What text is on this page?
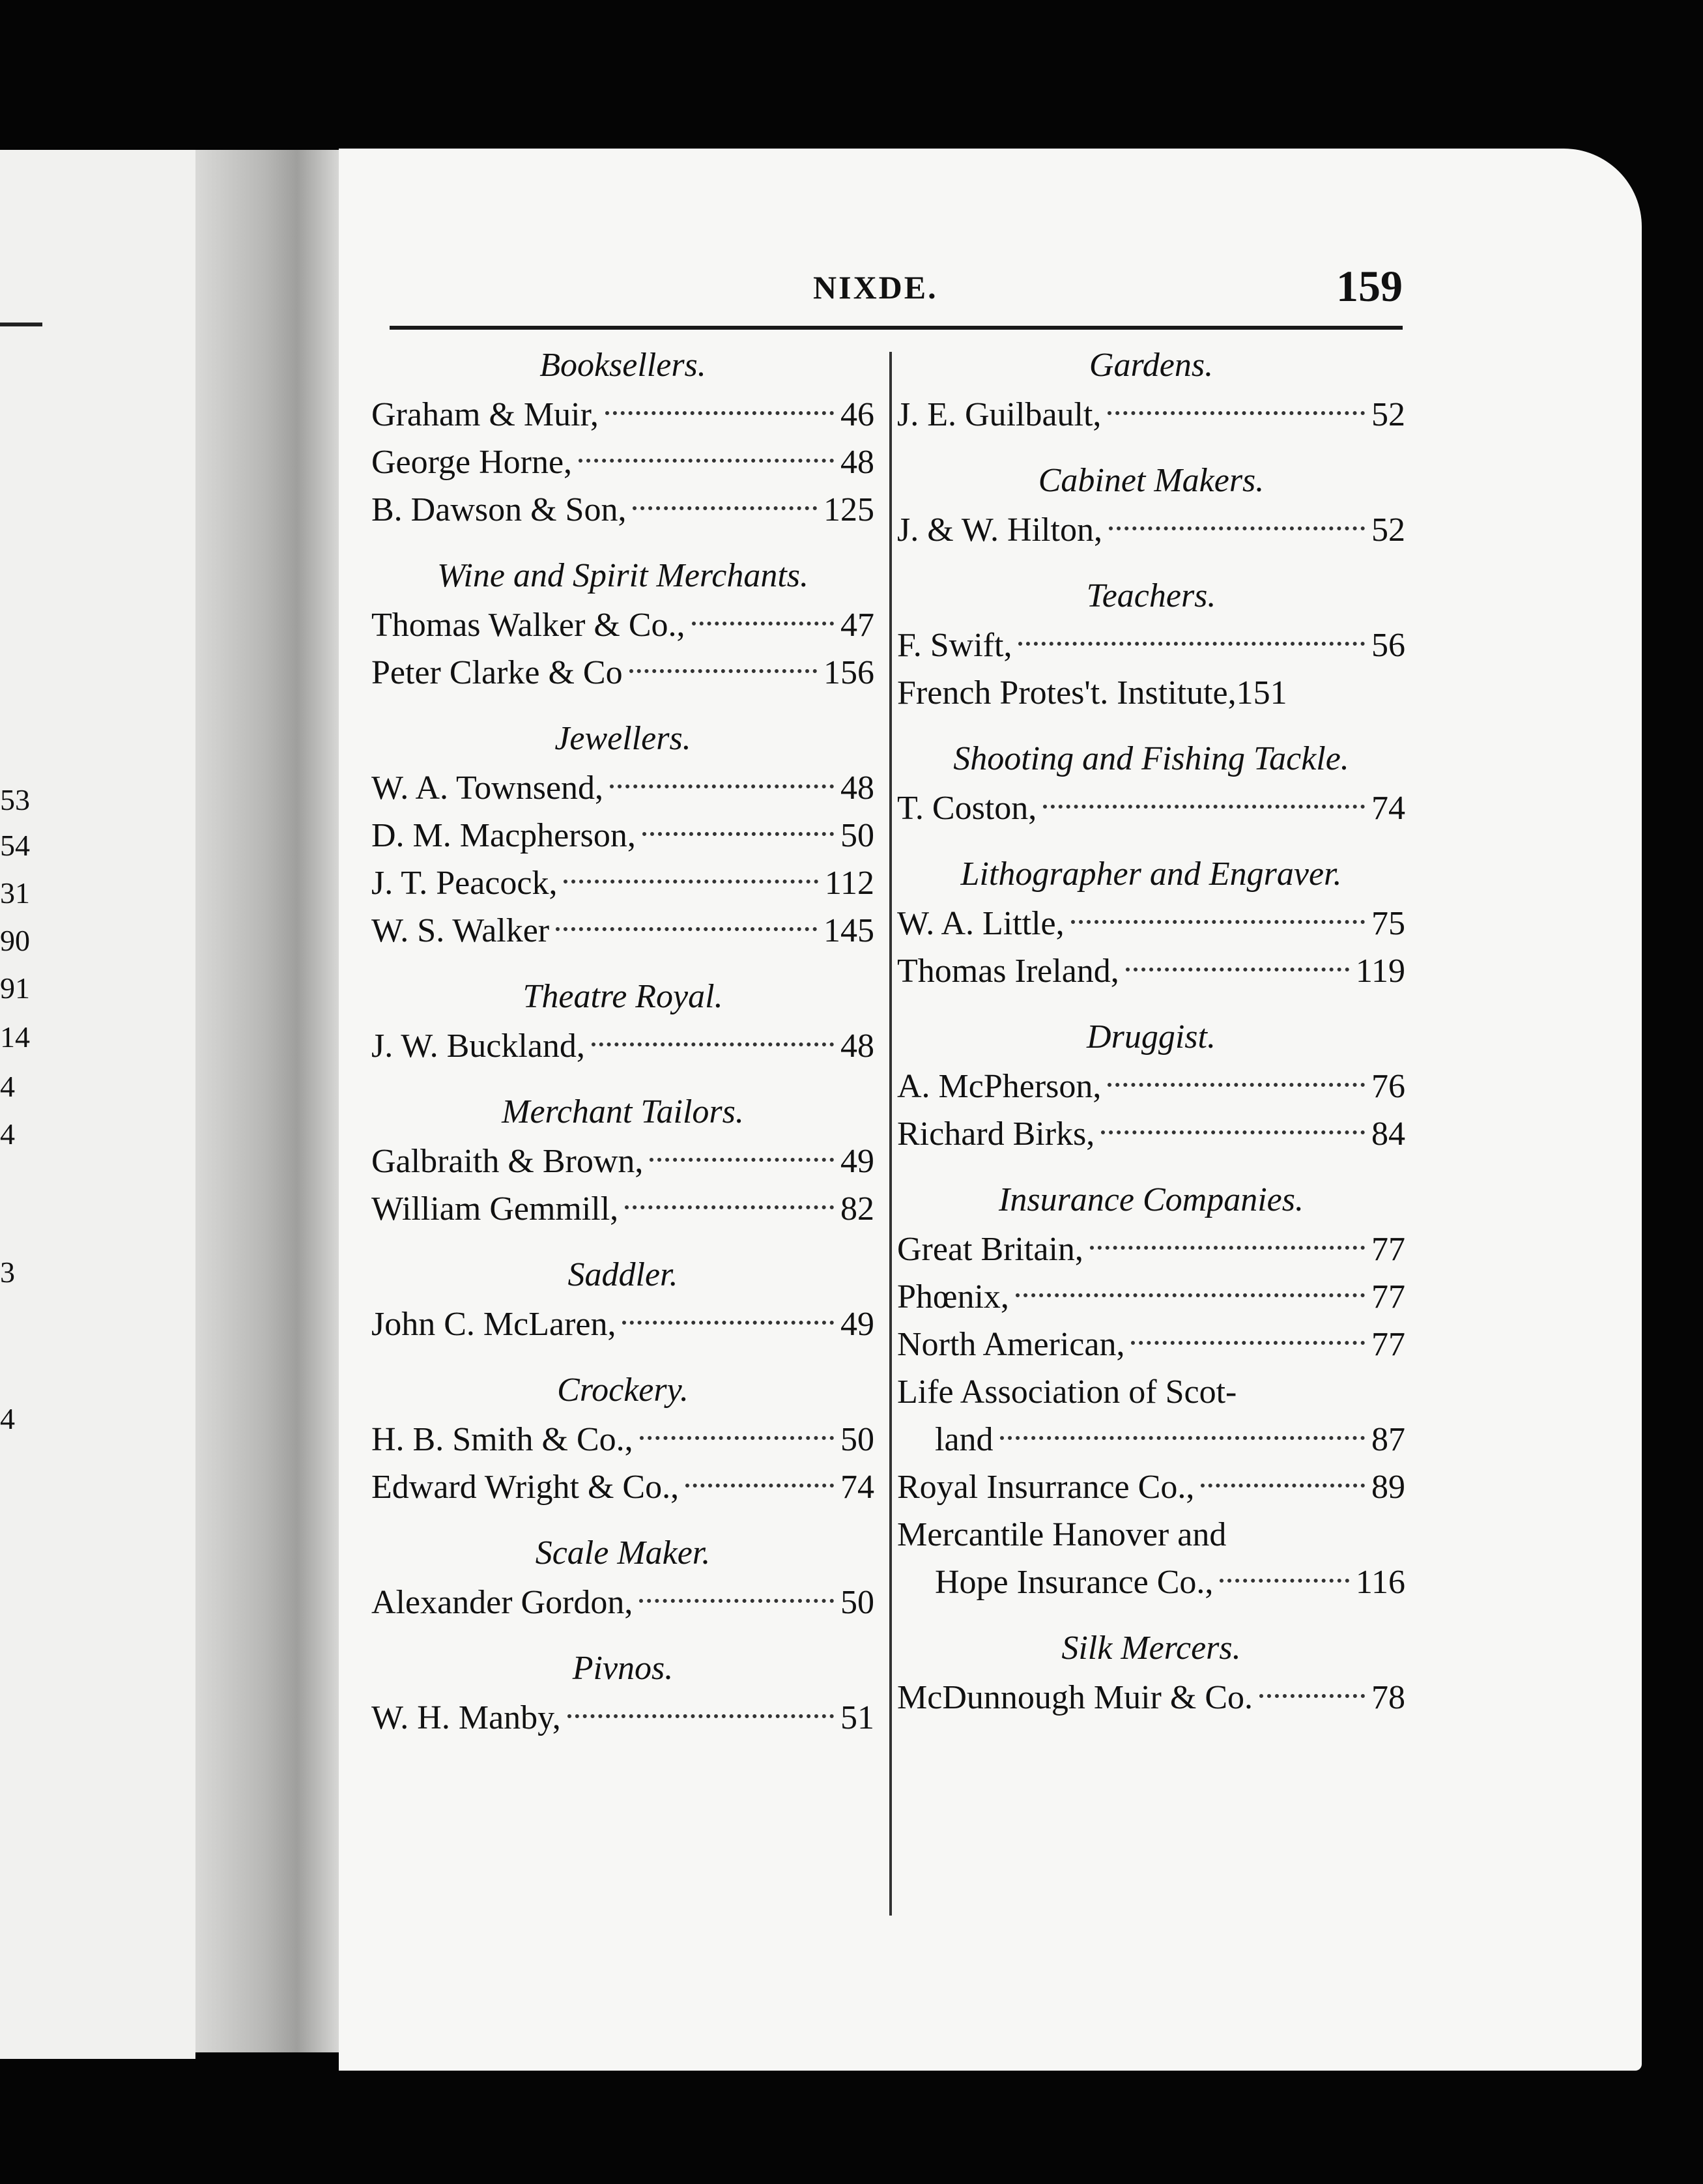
53
54
31
90
91
14
4
4
3
4
NIXDE.	159
Booksellers.
Graham & Muir,	46
George Horne,	48
B. Dawson & Son,	125
Wine and Spirit Merchants.
Thomas Walker & Co.,	47
Peter Clarke & Co	156
Jewellers.
W. A. Townsend,	48
D. M. Macpherson,	50
J. T. Peacock,	112
W. S. Walker	145
Theatre Royal.
J. W. Buckland,	48
Merchant Tailors.
Galbraith & Brown,	49
William Gemmill,	82
Saddler.
John C. McLaren,	49
Crockery.
H. B. Smith & Co.,	50
Edward Wright & Co.,	74
Scale Maker.
Alexander Gordon,	50
Pivnos.
W. H. Manby,	51
Gardens.
J. E. Guilbault,	52
Cabinet Makers.
J. & W. Hilton,	52
Teachers.
F. Swift,	56
French Protes't. Institute,151
Shooting and Fishing Tackle.
T. Coston,	74
Lithographer and Engraver.
W. A. Little,	75
Thomas Ireland,	119
Druggist.
A. McPherson,	76
Richard Birks,	84
Insurance Companies.
Great Britain,	77
Phœnix,	77
North American,	77
Life Association of Scot-
land	87
Royal Insurrance Co.,	89
Mercantile Hanover and
Hope Insurance Co.,	116
Silk Mercers.
McDunnough Muir & Co.	78
